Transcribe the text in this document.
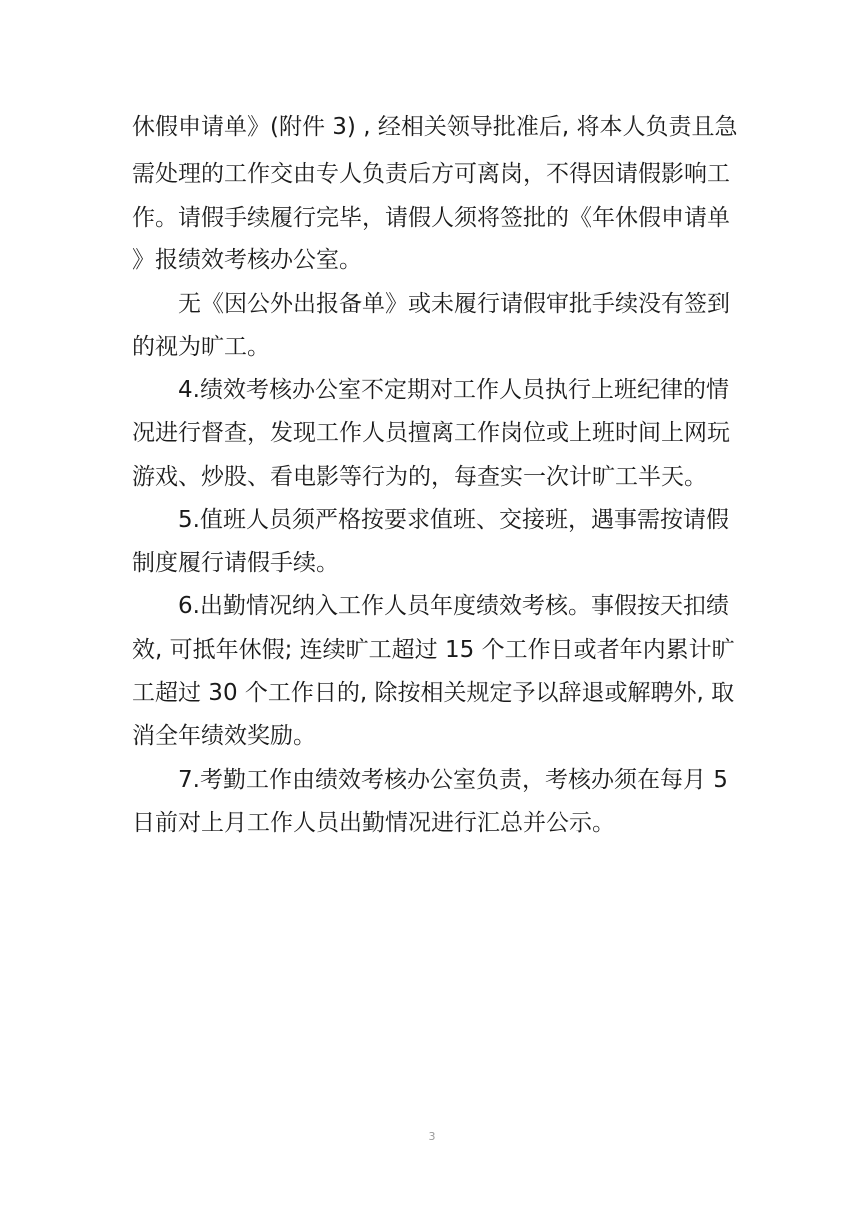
休假申请单》(附件 3) , 经相关领导批准后, 将本人负责且急
需处理的工作交由专人负责后方可离岗，不得因请假影响工
作。请假手续履行完毕，请假人须将签批的《年休假申请单
》报绩效考核办公室。
无《因公外出报备单》或未履行请假审批手续没有签到
的视为旷工。
4.绩效考核办公室不定期对工作人员执行上班纪律的情
况进行督查，发现工作人员擅离工作岗位或上班时间上网玩
游戏、炒股、看电影等行为的，每查实一次计旷工半天。
5.值班人员须严格按要求值班、交接班，遇事需按请假
制度履行请假手续。
6.出勤情况纳入工作人员年度绩效考核。事假按天扣绩
效, 可抵年休假; 连续旷工超过 15 个工作日或者年内累计旷
工超过 30 个工作日的, 除按相关规定予以辞退或解聘外, 取
消全年绩效奖励。
7.考勤工作由绩效考核办公室负责，考核办须在每月 5
日前对上月工作人员出勤情况进行汇总并公示。
3
